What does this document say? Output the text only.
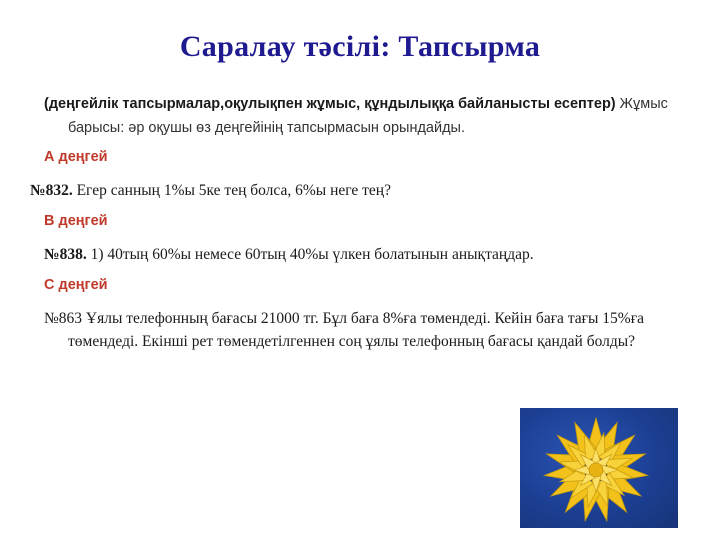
Саралау тәсілі: Тапсырма

(деңгейлік тапсырмалар,оқулықпен жұмыс, құндылыққа байланысты есептер) Жұмыс барысы: әр оқушы өз деңгейінің тапсырмасын орындайды.

А деңгей

№832. Егер санның 1%ы 5ке тең болса, 6%ы неге тең?

В деңгей

№838. 1) 40тың 60%ы немесе 60тың 40%ы үлкен болатынын анықтаңдар.

С деңгей

№863 Ұялы телефонның бағасы 21000 тг. Бұл баға 8%ға төмендеді. Кейін баға тағы 15%ға төмендеді. Екінші рет төмендетілгеннен соң ұялы телефонның бағасы қандай болды?
